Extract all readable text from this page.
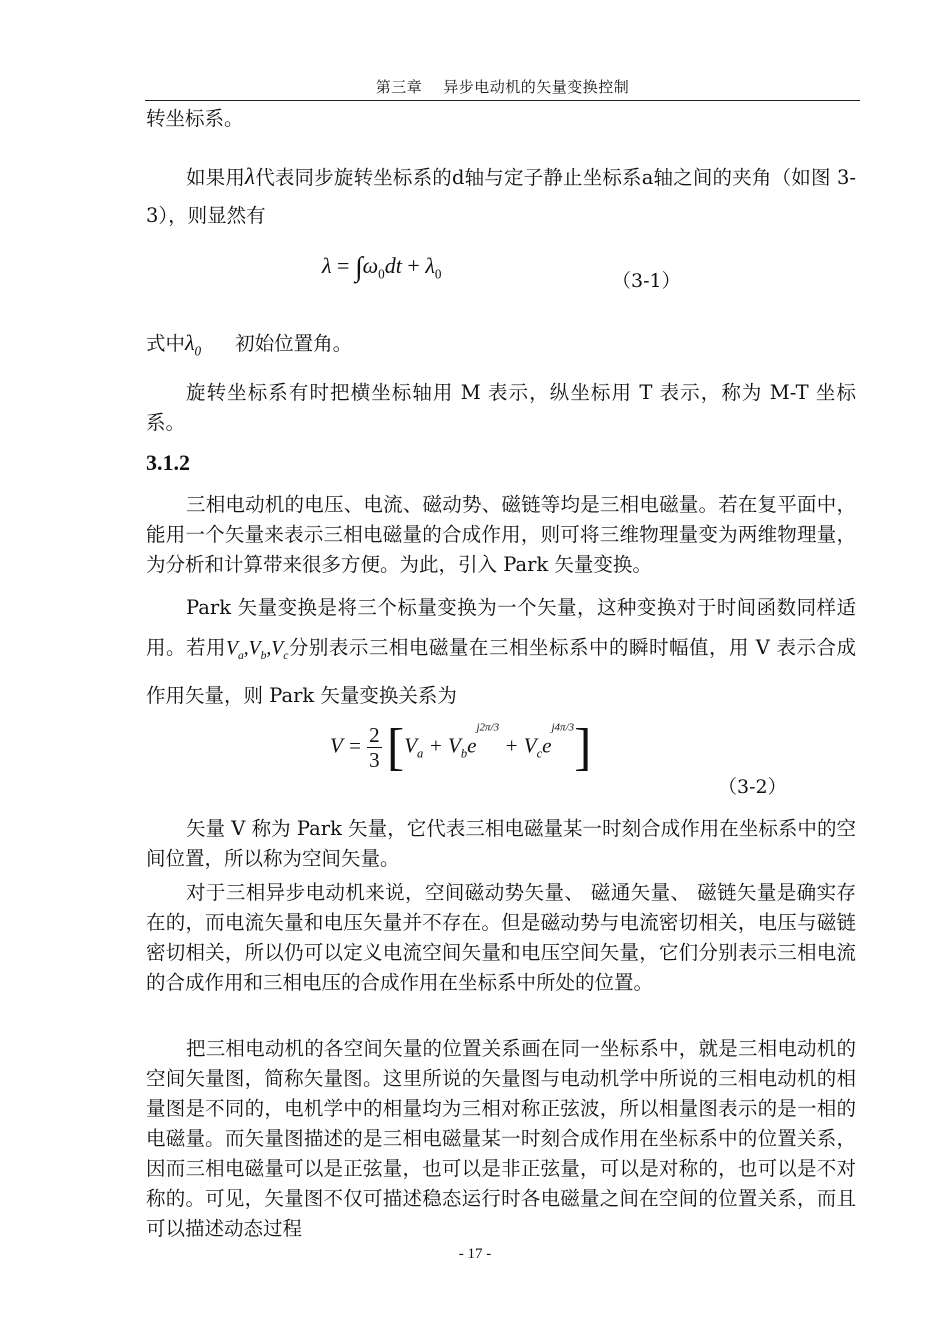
第三章 异步电动机的矢量变换控制

转坐标系。

如果用λ代表同步旋转坐标系的d轴与定子静止坐标系a轴之间的夹角（如图 3-3），则显然有

$\lambda = \int\omega_0dt + \lambda_0$	（3-1）

式中$\lambda_0$ 初始位置角。

旋转坐标系有时把横坐标轴用 M 表示，纵坐标用 T 表示，称为 M-T 坐标系。

3.1.2

三相电动机的电压、电流、磁动势、磁链等均是三相电磁量。若在复平面中，能用一个矢量来表示三相电磁量的合成作用，则可将三维物理量变为两维物理量，为分析和计算带来很多方便。为此，引入 Park 矢量变换。

Park 矢量变换是将三个标量变换为一个矢量，这种变换对于时间函数同样适用。若用$V_a,V_b,V_c$分别表示三相电磁量在三相坐标系中的瞬时幅值，用 V 表示合成作用矢量，则 Park 矢量变换关系为

V = 2
3 $[V_a + V_be^{j2\pi/3} + V_ce^{j4\pi/3}]$
（3-2）

矢量 V 称为 Park 矢量，它代表三相电磁量某一时刻合成作用在坐标系中的空间位置，所以称为空间矢量。

对于三相异步电动机来说，空间磁动势矢量、 磁通矢量、 磁链矢量是确实存在的，而电流矢量和电压矢量并不存在。但是磁动势与电流密切相关，电压与磁链密切相关，所以仍可以定义电流空间矢量和电压空间矢量，它们分别表示三相电流的合成作用和三相电压的合成作用在坐标系中所处的位置。

把三相电动机的各空间矢量的位置关系画在同一坐标系中，就是三相电动机的空间矢量图，简称矢量图。这里所说的矢量图与电动机学中所说的三相电动机的相量图是不同的，电机学中的相量均为三相对称正弦波，所以相量图表示的是一相的电磁量。而矢量图描述的是三相电磁量某一时刻合成作用在坐标系中的位置关系，因而三相电磁量可以是正弦量，也可以是非正弦量，可以是对称的，也可以是不对称的。可见，矢量图不仅可描述稳态运行时各电磁量之间在空间的位置关系，而且可以描述动态过程

- 17 -
